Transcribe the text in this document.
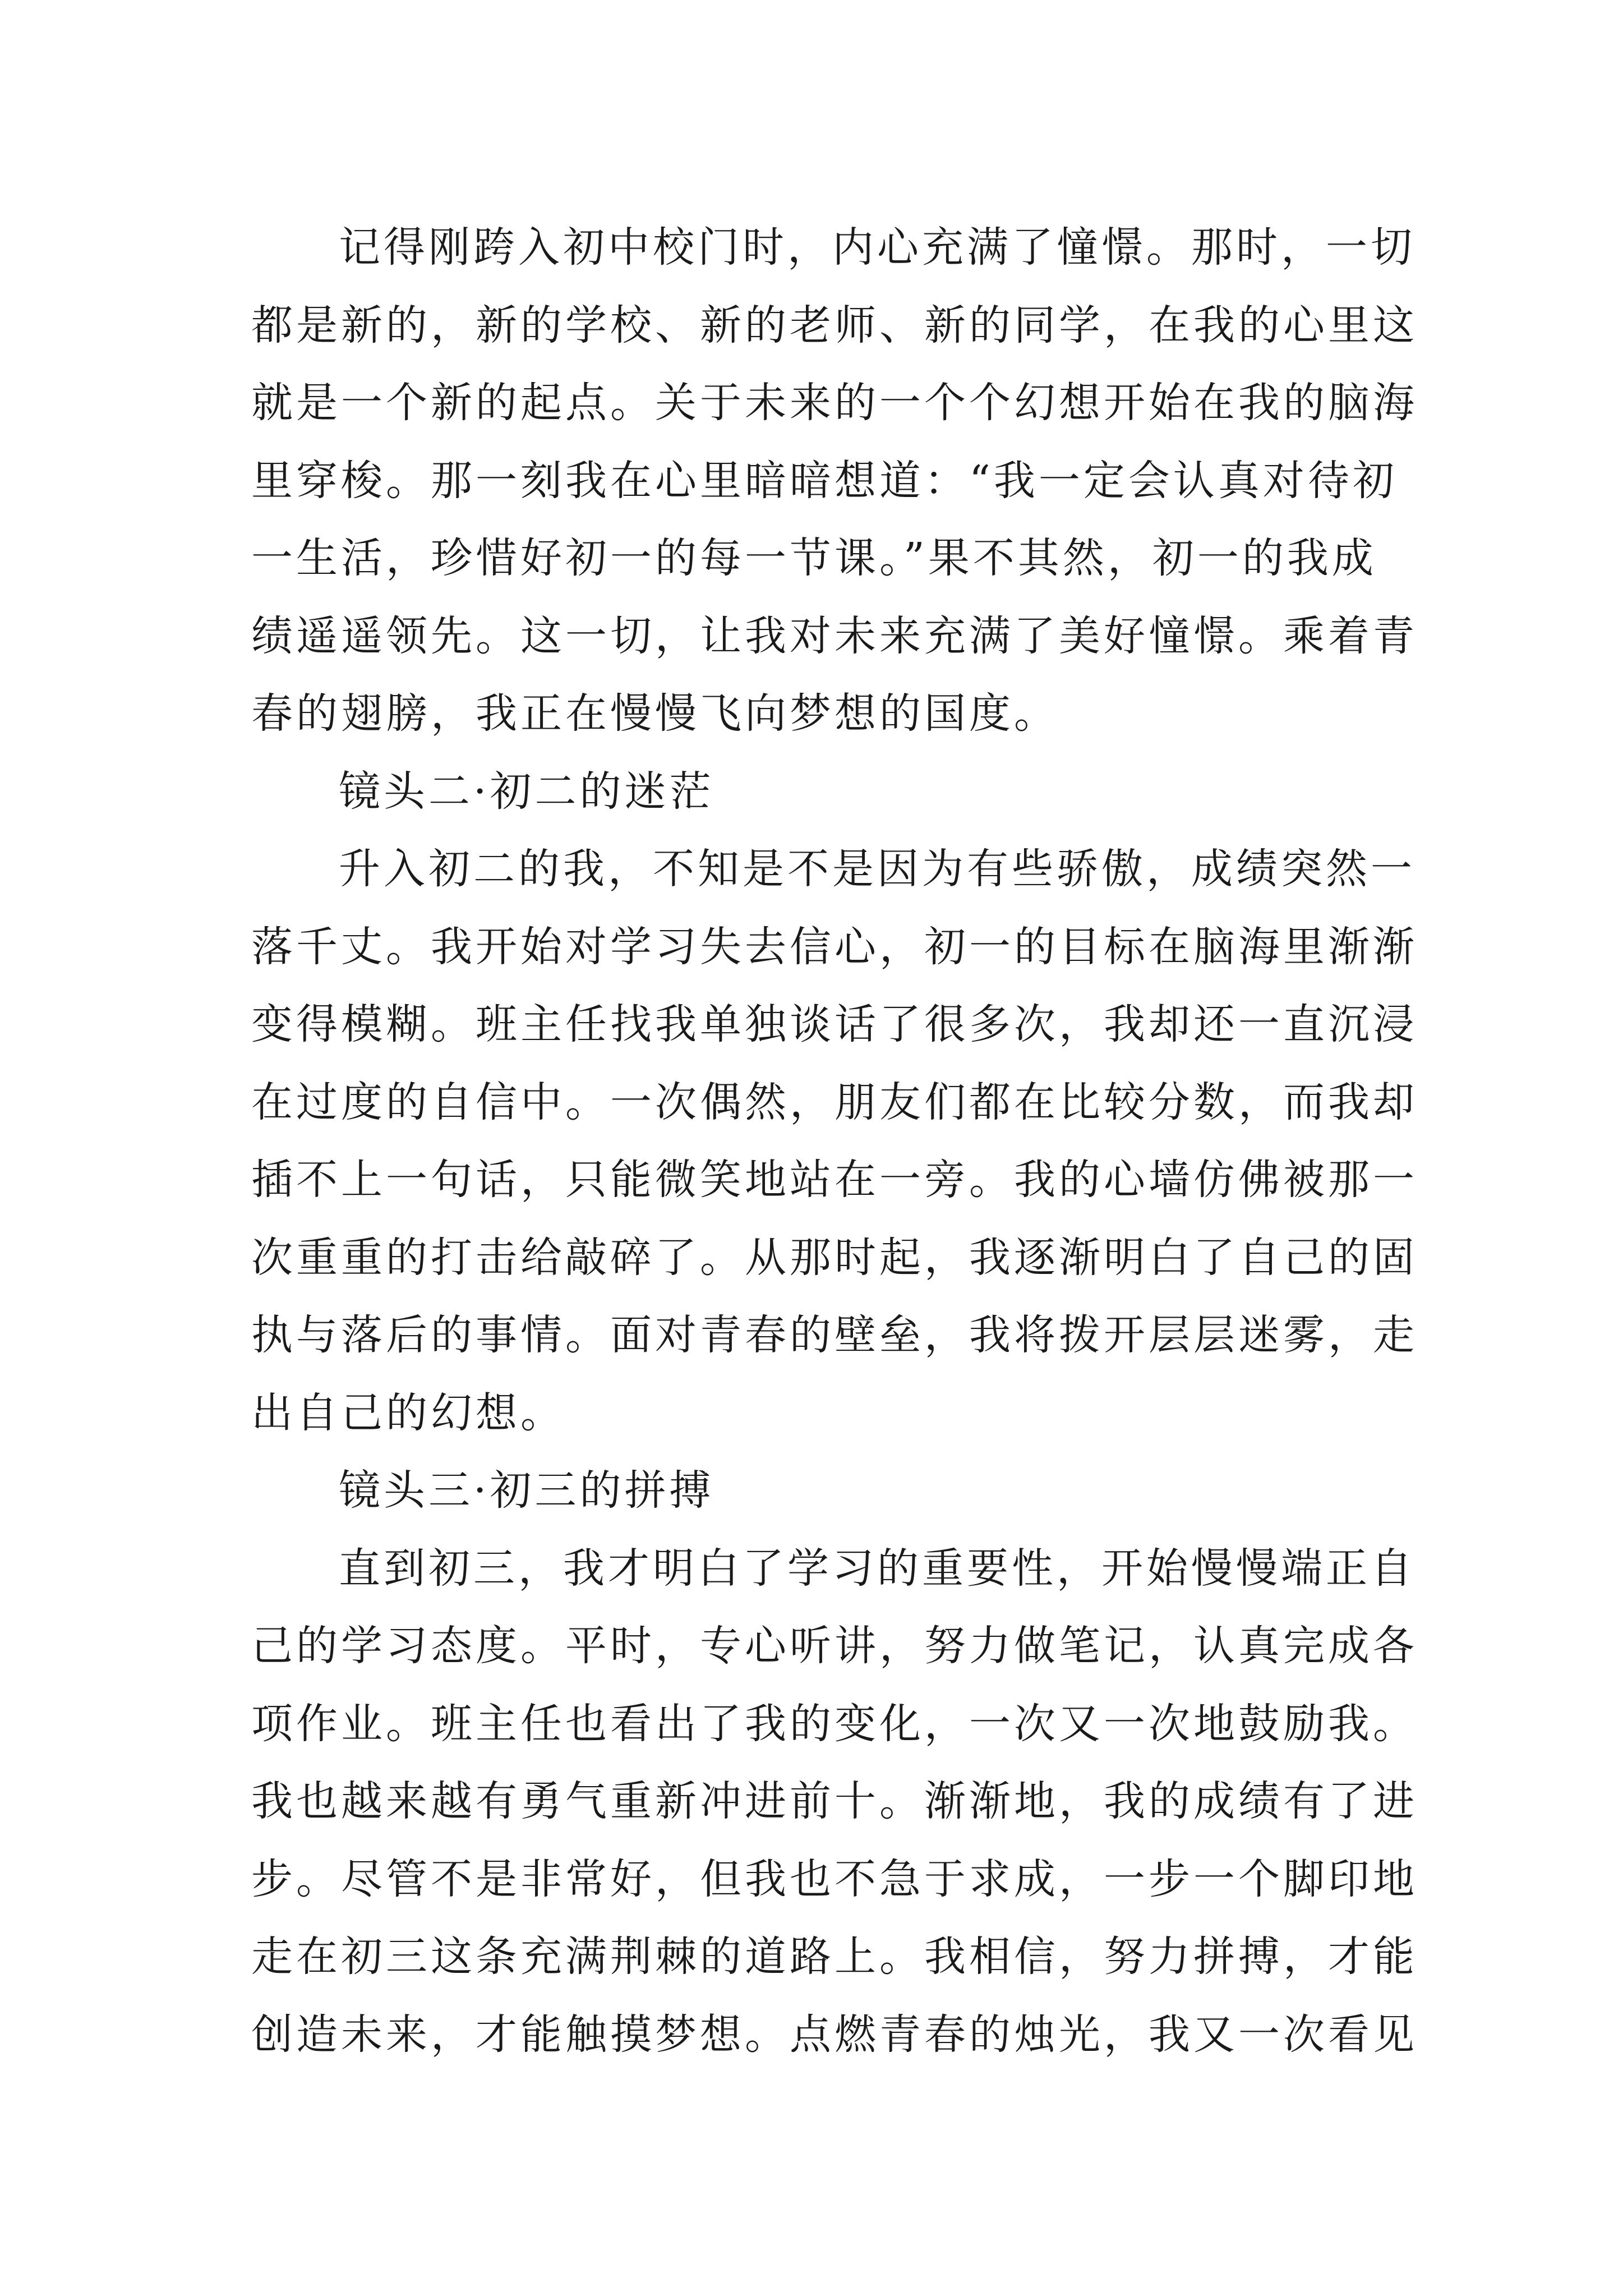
记得刚跨入初中校门时，内心充满了憧憬。那时，一切
都是新的，新的学校、新的老师、新的同学，在我的心里这
就是一个新的起点。关于未来的一个个幻想开始在我的脑海
里穿梭。那一刻我在心里暗暗想道：“我一定会认真对待初
一生活，珍惜好初一的每一节课。”果不其然，初一的我成
绩遥遥领先。这一切，让我对未来充满了美好憧憬。乘着青
春的翅膀，我正在慢慢飞向梦想的国度。
镜头二·初二的迷茫
升入初二的我，不知是不是因为有些骄傲，成绩突然一
落千丈。我开始对学习失去信心，初一的目标在脑海里渐渐
变得模糊。班主任找我单独谈话了很多次，我却还一直沉浸
在过度的自信中。一次偶然，朋友们都在比较分数，而我却
插不上一句话，只能微笑地站在一旁。我的心墙仿佛被那一
次重重的打击给敲碎了。从那时起，我逐渐明白了自己的固
执与落后的事情。面对青春的壁垒，我将拨开层层迷雾，走
出自己的幻想。
镜头三·初三的拼搏
直到初三，我才明白了学习的重要性，开始慢慢端正自
己的学习态度。平时，专心听讲，努力做笔记，认真完成各
项作业。班主任也看出了我的变化，一次又一次地鼓励我。
我也越来越有勇气重新冲进前十。渐渐地，我的成绩有了进
步。尽管不是非常好，但我也不急于求成，一步一个脚印地
走在初三这条充满荆棘的道路上。我相信，努力拼搏，才能
创造未来，才能触摸梦想。点燃青春的烛光，我又一次看见
